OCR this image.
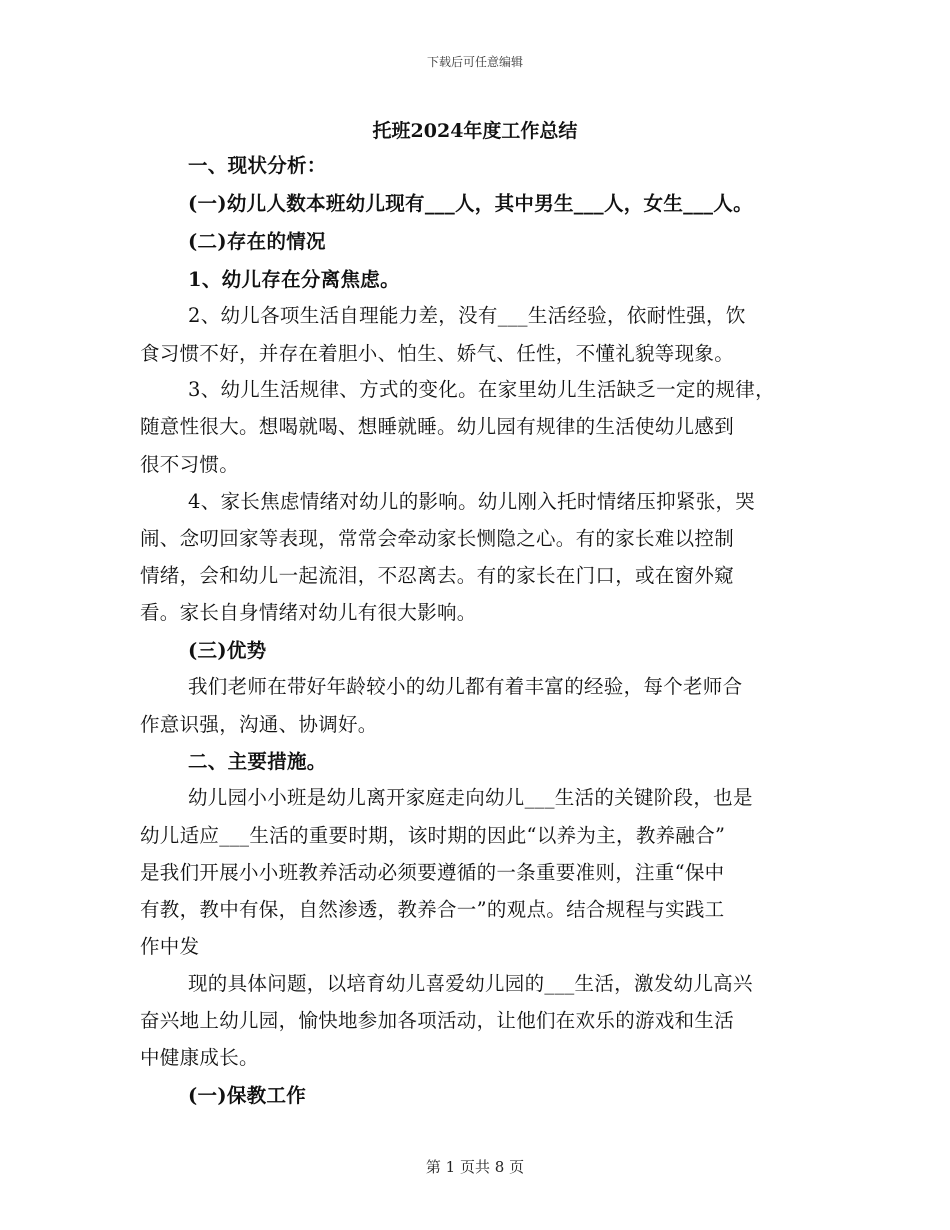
下载后可任意编辑
托班2024年度工作总结
一、现状分析：
(一)幼儿人数本班幼儿现有___人，其中男生___人，女生___人。
(二)存在的情况
1、幼儿存在分离焦虑。
2、幼儿各项生活自理能力差，没有___生活经验，依耐性强，饮
食习惯不好，并存在着胆小、怕生、娇气、任性，不懂礼貌等现象。
3、幼儿生活规律、方式的变化。在家里幼儿生活缺乏一定的规律，
随意性很大。想喝就喝、想睡就睡。幼儿园有规律的生活使幼儿感到
很不习惯。
4、家长焦虑情绪对幼儿的影响。幼儿刚入托时情绪压抑紧张，哭
闹、念叨回家等表现，常常会牵动家长恻隐之心。有的家长难以控制
情绪，会和幼儿一起流泪，不忍离去。有的家长在门口，或在窗外窥
看。家长自身情绪对幼儿有很大影响。
(三)优势
我们老师在带好年龄较小的幼儿都有着丰富的经验，每个老师合
作意识强，沟通、协调好。
二、主要措施。
幼儿园小小班是幼儿离开家庭走向幼儿___生活的关键阶段，也是
幼儿适应___生活的重要时期，该时期的因此“以养为主，教养融合”
是我们开展小小班教养活动必须要遵循的一条重要准则，注重“保中
有教，教中有保，自然渗透，教养合一”的观点。结合规程与实践工
作中发
现的具体问题，以培育幼儿喜爱幼儿园的___生活，激发幼儿高兴
奋兴地上幼儿园，愉快地参加各项活动，让他们在欢乐的游戏和生活
中健康成长。
(一)保教工作
第 1 页共 8 页
